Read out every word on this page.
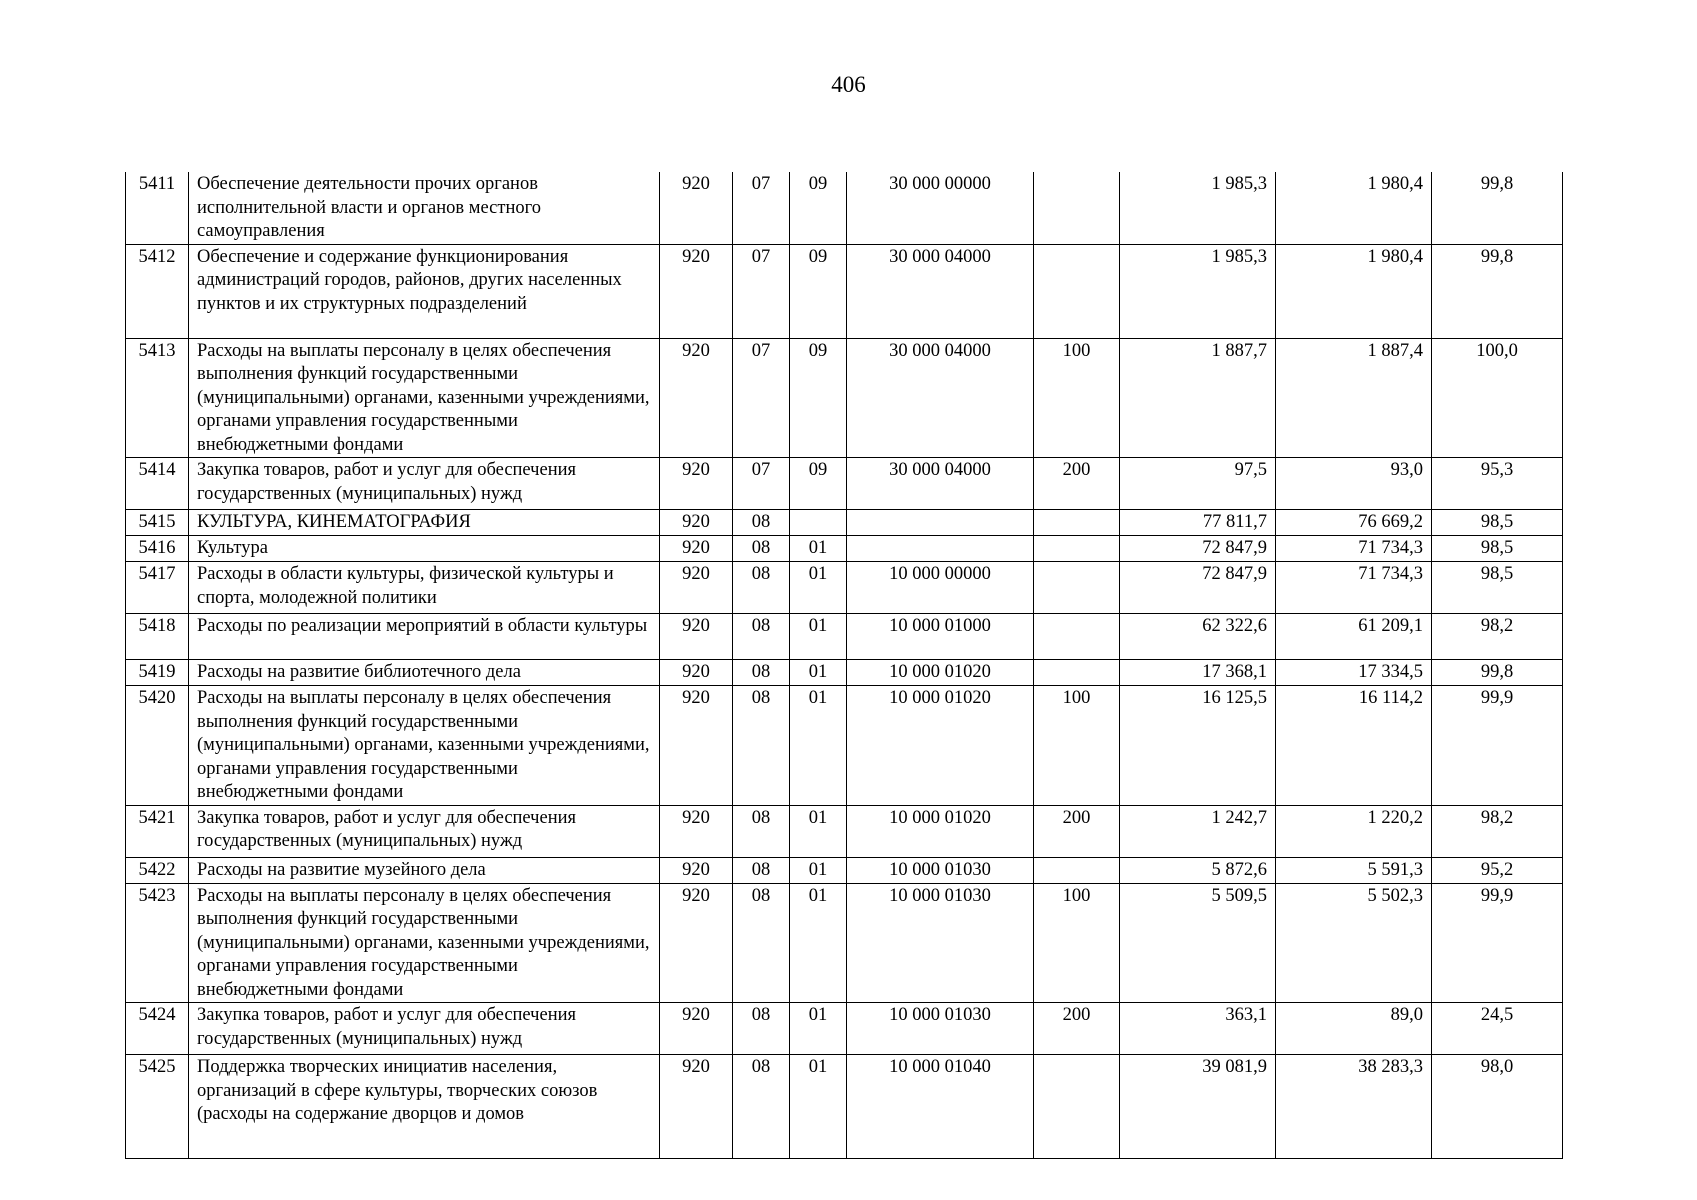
406
5411	Обеспечение деятельности прочих органов исполнительной власти и органов местного самоуправления	920	07	09	30 000 00000		1 985,3	1 980,4	99,8
5412	Обеспечение и содержание функционирования администраций городов, районов, других населенных пунктов и их структурных подразделений	920	07	09	30 000 04000		1 985,3	1 980,4	99,8
5413	Расходы на выплаты персоналу в целях обеспечения выполнения функций государственными (муниципальными) органами, казенными учреждениями, органами управления государственными внебюджетными фондами	920	07	09	30 000 04000	100	1 887,7	1 887,4	100,0
5414	Закупка товаров, работ и услуг для обеспечения государственных (муниципальных) нужд	920	07	09	30 000 04000	200	97,5	93,0	95,3
5415	КУЛЬТУРА, КИНЕМАТОГРАФИЯ	920	08				77 811,7	76 669,2	98,5
5416	Культура	920	08	01			72 847,9	71 734,3	98,5
5417	Расходы в области культуры, физической культуры и спорта, молодежной политики	920	08	01	10 000 00000		72 847,9	71 734,3	98,5
5418	Расходы по реализации мероприятий в области культуры	920	08	01	10 000 01000		62 322,6	61 209,1	98,2
5419	Расходы на развитие библиотечного дела	920	08	01	10 000 01020		17 368,1	17 334,5	99,8
5420	Расходы на выплаты персоналу в целях обеспечения выполнения функций государственными (муниципальными) органами, казенными учреждениями, органами управления государственными внебюджетными фондами	920	08	01	10 000 01020	100	16 125,5	16 114,2	99,9
5421	Закупка товаров, работ и услуг для обеспечения государственных (муниципальных) нужд	920	08	01	10 000 01020	200	1 242,7	1 220,2	98,2
5422	Расходы на развитие музейного дела	920	08	01	10 000 01030		5 872,6	5 591,3	95,2
5423	Расходы на выплаты персоналу в целях обеспечения выполнения функций государственными (муниципальными) органами, казенными учреждениями, органами управления государственными внебюджетными фондами	920	08	01	10 000 01030	100	5 509,5	5 502,3	99,9
5424	Закупка товаров, работ и услуг для обеспечения государственных (муниципальных) нужд	920	08	01	10 000 01030	200	363,1	89,0	24,5
5425	Поддержка творческих инициатив населения, организаций в сфере культуры, творческих союзов (расходы на содержание дворцов и домов	920	08	01	10 000 01040		39 081,9	38 283,3	98,0
